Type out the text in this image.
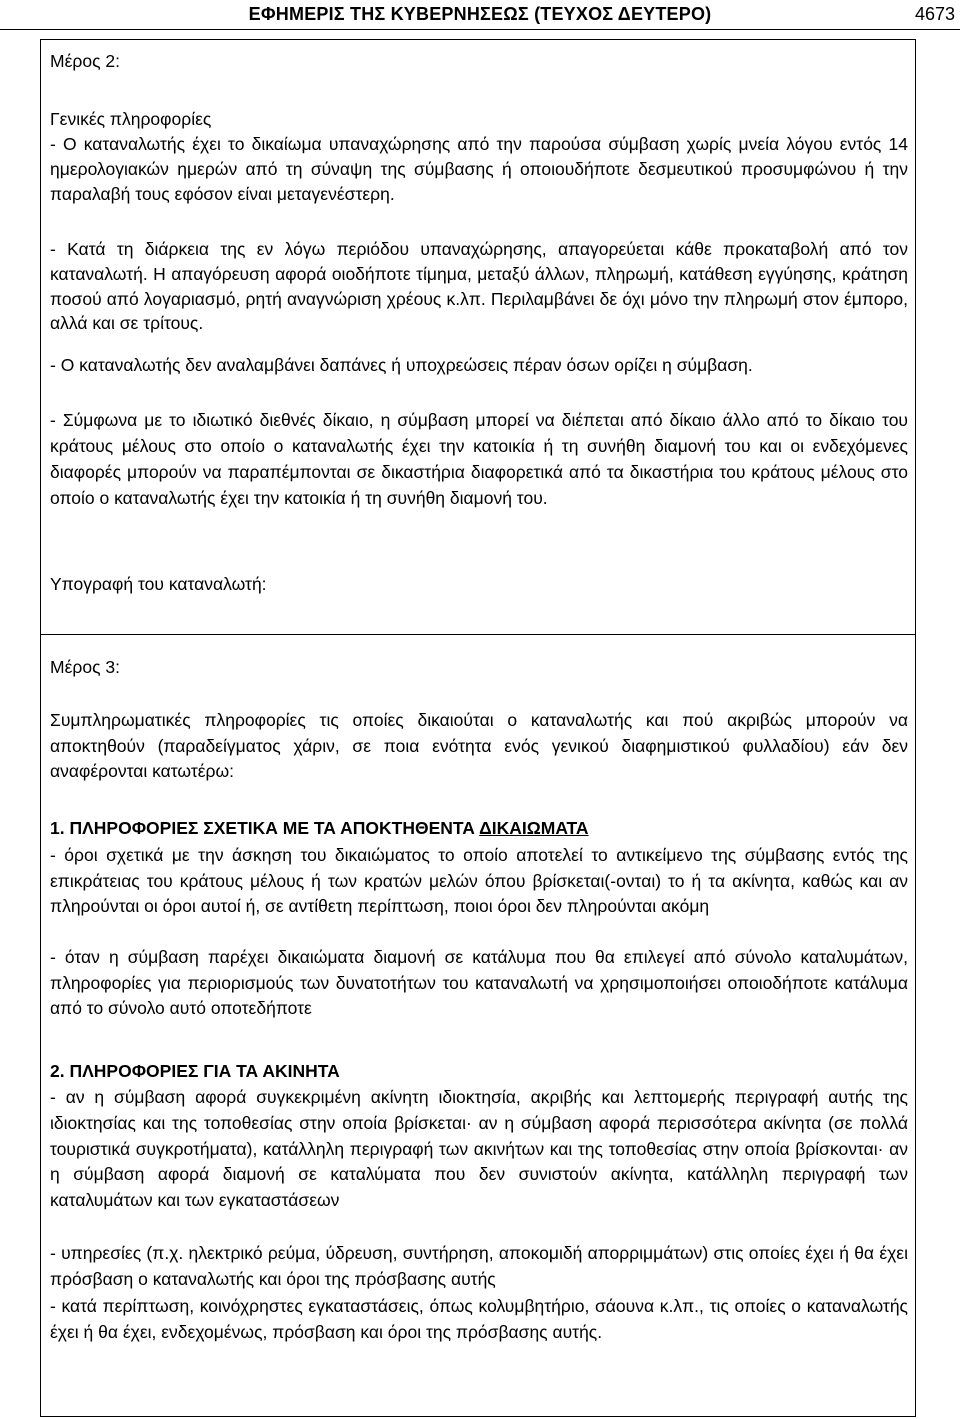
ΕΦΗΜΕΡΙΣ ΤΗΣ ΚΥΒΕΡΝΗΣΕΩΣ (ΤΕΥΧΟΣ ΔΕΥΤΕΡΟ)	4673

Μέρος 2:

Γενικές πληροφορίες

- Ο καταναλωτής έχει το δικαίωμα υπαναχώρησης από την παρούσα σύμβαση χωρίς μνεία λόγου εντός 14 ημερολογιακών ημερών από τη σύναψη της σύμβασης ή οποιουδήποτε δεσμευτικού προσυμφώνου ή την παραλαβή τους εφόσον είναι μεταγενέστερη.

- Κατά τη διάρκεια της εν λόγω περιόδου υπαναχώρησης, απαγορεύεται κάθε προκαταβολή από τον καταναλωτή. Η απαγόρευση αφορά οιοδήποτε τίμημα, μεταξύ άλλων, πληρωμή, κατάθεση εγγύησης, κράτηση ποσού από λογαριασμό, ρητή αναγνώριση χρέους κ.λπ. Περιλαμβάνει δε όχι μόνο την πληρωμή στον έμπορο, αλλά και σε τρίτους.

- Ο καταναλωτής δεν αναλαμβάνει δαπάνες ή υποχρεώσεις πέραν όσων ορίζει η σύμβαση.

- Σύμφωνα με το ιδιωτικό διεθνές δίκαιο, η σύμβαση μπορεί να διέπεται από δίκαιο άλλο από το δίκαιο του κράτους μέλους στο οποίο ο καταναλωτής έχει την κατοικία ή τη συνήθη διαμονή του και οι ενδεχόμενες διαφορές μπορούν να παραπέμπονται σε δικαστήρια διαφορετικά από τα δικαστήρια του κράτους μέλους στο οποίο ο καταναλωτής έχει την κατοικία ή τη συνήθη διαμονή του.

Υπογραφή του καταναλωτή:

Μέρος 3:

Συμπληρωματικές πληροφορίες τις οποίες δικαιούται ο καταναλωτής και πού ακριβώς μπορούν να αποκτηθούν (παραδείγματος χάριν, σε ποια ενότητα ενός γενικού διαφημιστικού φυλλαδίου) εάν δεν αναφέρονται κατωτέρω:

1. ΠΛΗΡΟΦΟΡΙΕΣ ΣΧΕΤΙΚΑ ΜΕ ΤΑ ΑΠΟΚΤΗΘΕΝΤΑ ΔΙΚΑΙΩΜΑΤΑ

- όροι σχετικά με την άσκηση του δικαιώματος το οποίο αποτελεί το αντικείμενο της σύμβασης εντός της επικράτειας του κράτους μέλους ή των κρατών μελών όπου βρίσκεται(-ονται) το ή τα ακίνητα, καθώς και αν πληρούνται οι όροι αυτοί ή, σε αντίθετη περίπτωση, ποιοι όροι δεν πληρούνται ακόμη

- όταν η σύμβαση παρέχει δικαιώματα διαμονή σε κατάλυμα που θα επιλεγεί από σύνολο καταλυμάτων, πληροφορίες για περιορισμούς των δυνατοτήτων του καταναλωτή να χρησιμοποιήσει οποιοδήποτε κατάλυμα από το σύνολο αυτό οποτεδήποτε

2. ΠΛΗΡΟΦΟΡΙΕΣ ΓΙΑ ΤΑ ΑΚΙΝΗΤΑ

- αν η σύμβαση αφορά συγκεκριμένη ακίνητη ιδιοκτησία, ακριβής και λεπτομερής περιγραφή αυτής της ιδιοκτησίας και της τοποθεσίας στην οποία βρίσκεται· αν η σύμβαση αφορά περισσότερα ακίνητα (σε πολλά τουριστικά συγκροτήματα), κατάλληλη περιγραφή των ακινήτων και της τοποθεσίας στην οποία βρίσκονται· αν η σύμβαση αφορά διαμονή σε καταλύματα που δεν συνιστούν ακίνητα, κατάλληλη περιγραφή των καταλυμάτων και των εγκαταστάσεων

- υπηρεσίες (π.χ. ηλεκτρικό ρεύμα, ύδρευση, συντήρηση, αποκομιδή απορριμμάτων) στις οποίες έχει ή θα έχει πρόσβαση ο καταναλωτής και όροι της πρόσβασης αυτής

- κατά περίπτωση, κοινόχρηστες εγκαταστάσεις, όπως κολυμβητήριο, σάουνα κ.λπ., τις οποίες ο καταναλωτής έχει ή θα έχει, ενδεχομένως, πρόσβαση και όροι της πρόσβασης αυτής.
